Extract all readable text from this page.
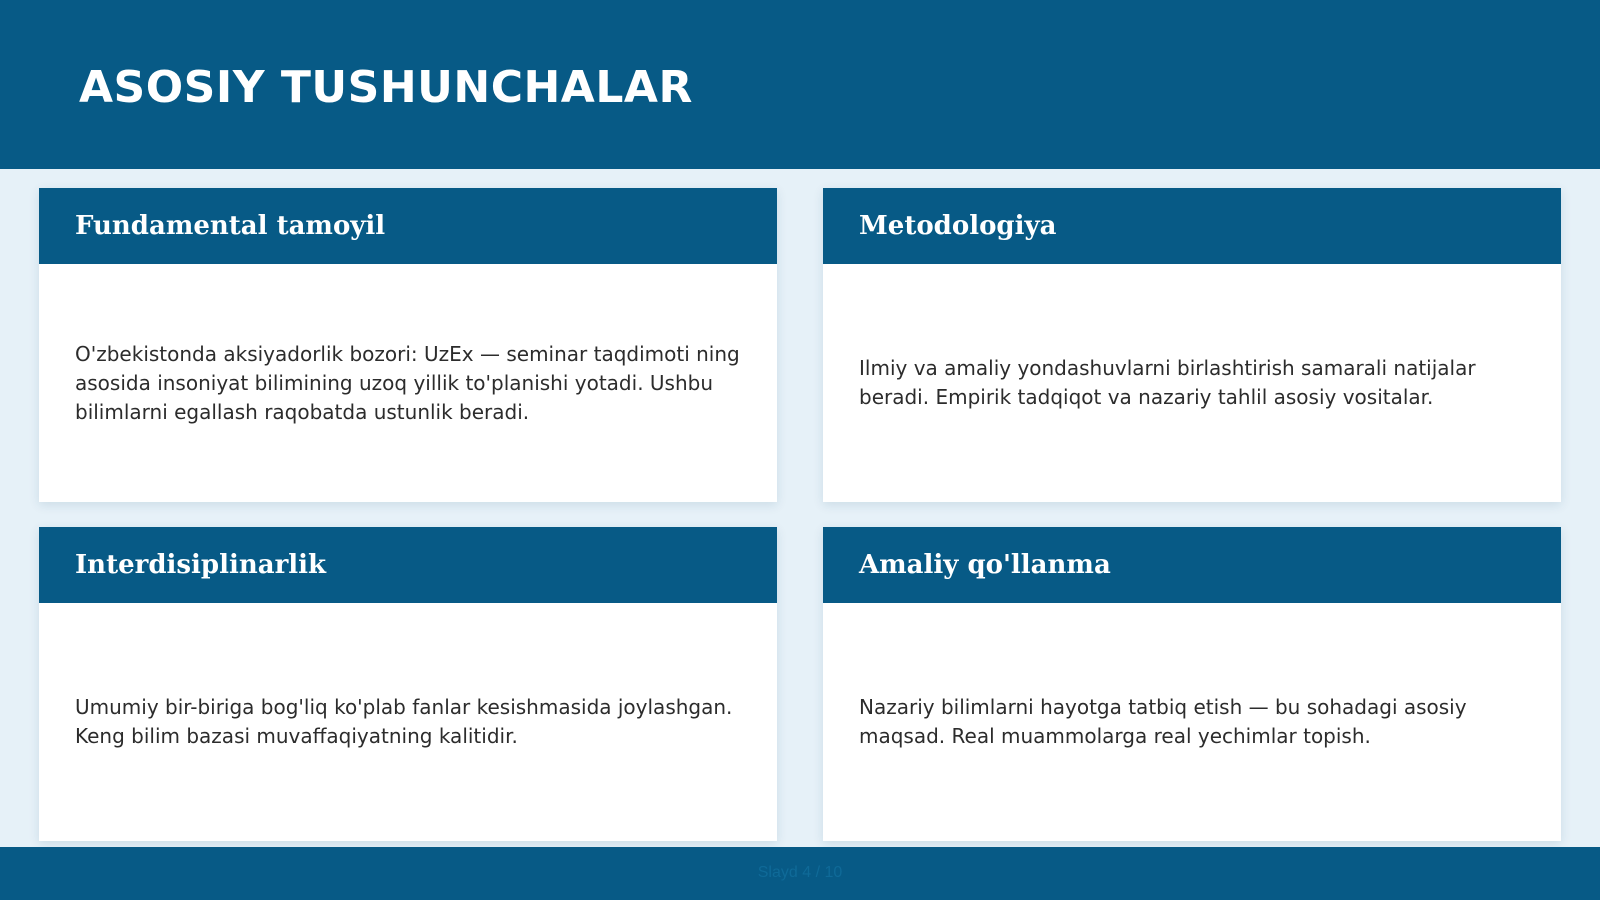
ASOSIY TUSHUNCHALAR
Fundamental tamoyil

O'zbekistonda aksiyadorlik bozori: UzEx — seminar taqdimoti ning asosida insoniyat bilimining uzoq yillik to'planishi yotadi. Ushbu bilimlarni egallash raqobatda ustunlik beradi.

Metodologiya

Ilmiy va amaliy yondashuvlarni birlashtirish samarali natijalar beradi. Empirik tadqiqot va nazariy tahlil asosiy vositalar.

Interdisiplinarlik

Umumiy bir-biriga bog'liq ko'plab fanlar kesishmasida joylashgan. Keng bilim bazasi muvaffaqiyatning kalitidir.

Amaliy qo'llanma

Nazariy bilimlarni hayotga tatbiq etish — bu sohadagi asosiy maqsad. Real muammolarga real yechimlar topish.

Slayd 4 / 10
